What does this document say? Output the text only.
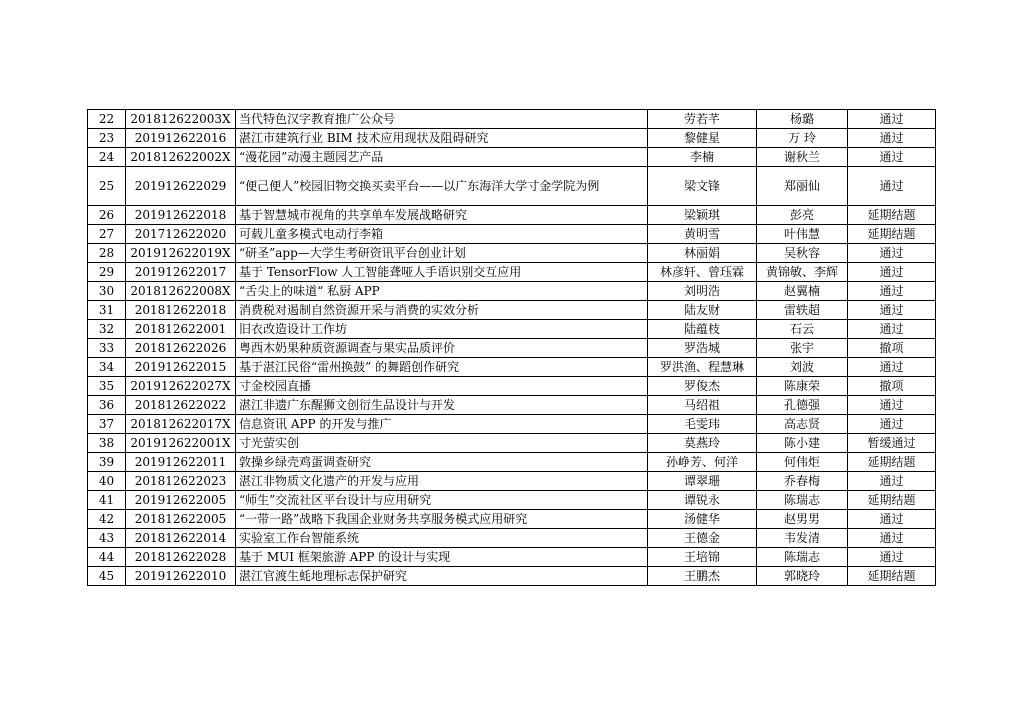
22	201812622003X	当代特色汉字教育推广公众号	劳若芊	杨璐	通过
23	201912622016	湛江市建筑行业 BIM 技术应用现状及阻碍研究	黎健星	万 玲	通过
24	201812622002X	“漫花园”动漫主题园艺产品	李楠	谢秋兰	通过
25	201912622029	“便己便人”校园旧物交换买卖平台——以广东海洋大学寸金学院为例	梁文锋	郑丽仙	通过
26	201912622018	基于智慧城市视角的共享单车发展战略研究	梁颖琪	彭亮	延期结题
27	201712622020	可载儿童多模式电动行李箱	黄明雪	叶伟慧	延期结题
28	201912622019X	“研圣”app—大学生考研资讯平台创业计划	林丽娟	吴秋容	通过
29	201912622017	基于 TensorFlow 人工智能聋哑人手语识别交互应用	林彦轩、曾珏霖	黄锦敏、李辉	通过
30	201812622008X	“舌尖上的味道“ 私厨 APP	刘明浩	赵翼楠	通过
31	201812622018	消费税对遏制自然资源开采与消费的实效分析	陆友财	雷轶超	通过
32	201812622001	旧衣改造设计工作坊	陆蕴枝	石云	通过
33	201812622026	粤西木奶果种质资源调查与果实品质评价	罗浩城	张宇	撤项
34	201912622015	基于湛江民俗“雷州换鼓” 的舞蹈创作研究	罗洪渔、程慧琳	刘波	通过
35	201912622027X	寸金校园直播	罗俊杰	陈康荣	撤项
36	201812622022	湛江非遗广东醒狮文创衍生品设计与开发	马绍祖	孔德强	通过
37	201812622017X	信息资讯 APP 的开发与推广	毛雯玮	高志贤	通过
38	201912622001X	寸光萤实创	莫燕玲	陈小建	暂缓通过
39	201912622011	敦操乡绿壳鸡蛋调查研究	孙峥芳、何洋	何伟炬	延期结题
40	201812622023	湛江非物质文化遗产的开发与应用	谭翠珊	乔春梅	通过
41	201912622005	“师生”交流社区平台设计与应用研究	谭锐永	陈瑞志	延期结题
42	201812622005	“一带一路”战略下我国企业财务共享服务模式应用研究	汤健华	赵男男	通过
43	201812622014	实验室工作台智能系统	王德金	韦发清	通过
44	201812622028	基于 MUI 框架旅游 APP 的设计与实现	王培锦	陈瑞志	通过
45	201912622010	湛江官渡生蚝地理标志保护研究	王鹏杰	郭晓玲	延期结题
